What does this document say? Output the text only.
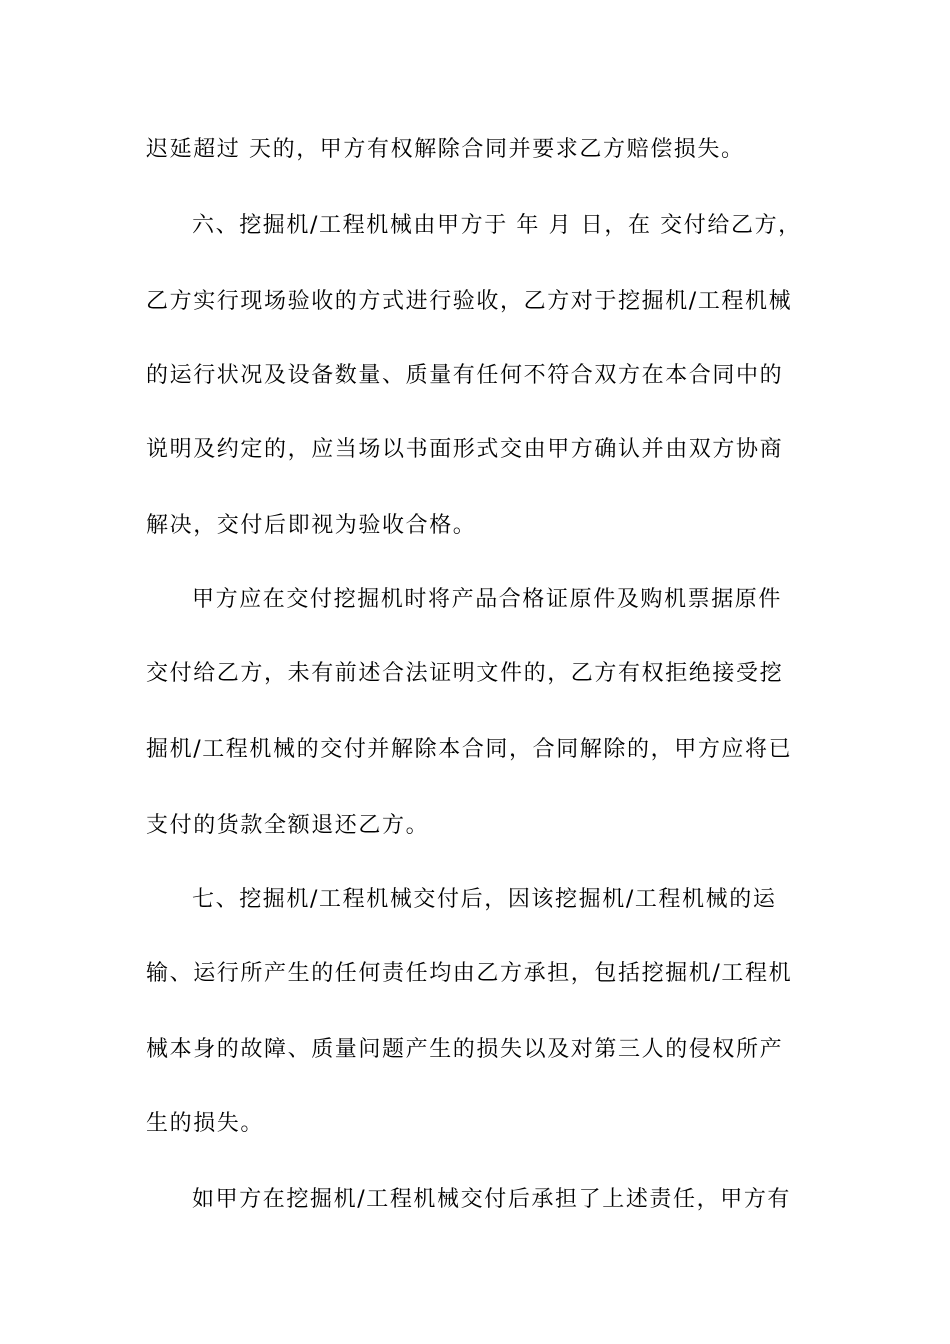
迟延超过 天的，甲方有权解除合同并要求乙方赔偿损失。
六、挖掘机/工程机械由甲方于 年 月 日，在 交付给乙方，
乙方实行现场验收的方式进行验收，乙方对于挖掘机/工程机械
的运行状况及设备数量、质量有任何不符合双方在本合同中的
说明及约定的，应当场以书面形式交由甲方确认并由双方协商
解决，交付后即视为验收合格。
甲方应在交付挖掘机时将产品合格证原件及购机票据原件
交付给乙方，未有前述合法证明文件的，乙方有权拒绝接受挖
掘机/工程机械的交付并解除本合同，合同解除的，甲方应将已
支付的货款全额退还乙方。
七、挖掘机/工程机械交付后，因该挖掘机/工程机械的运
输、运行所产生的任何责任均由乙方承担，包括挖掘机/工程机
械本身的故障、质量问题产生的损失以及对第三人的侵权所产
生的损失。
如甲方在挖掘机/工程机械交付后承担了上述责任，甲方有
